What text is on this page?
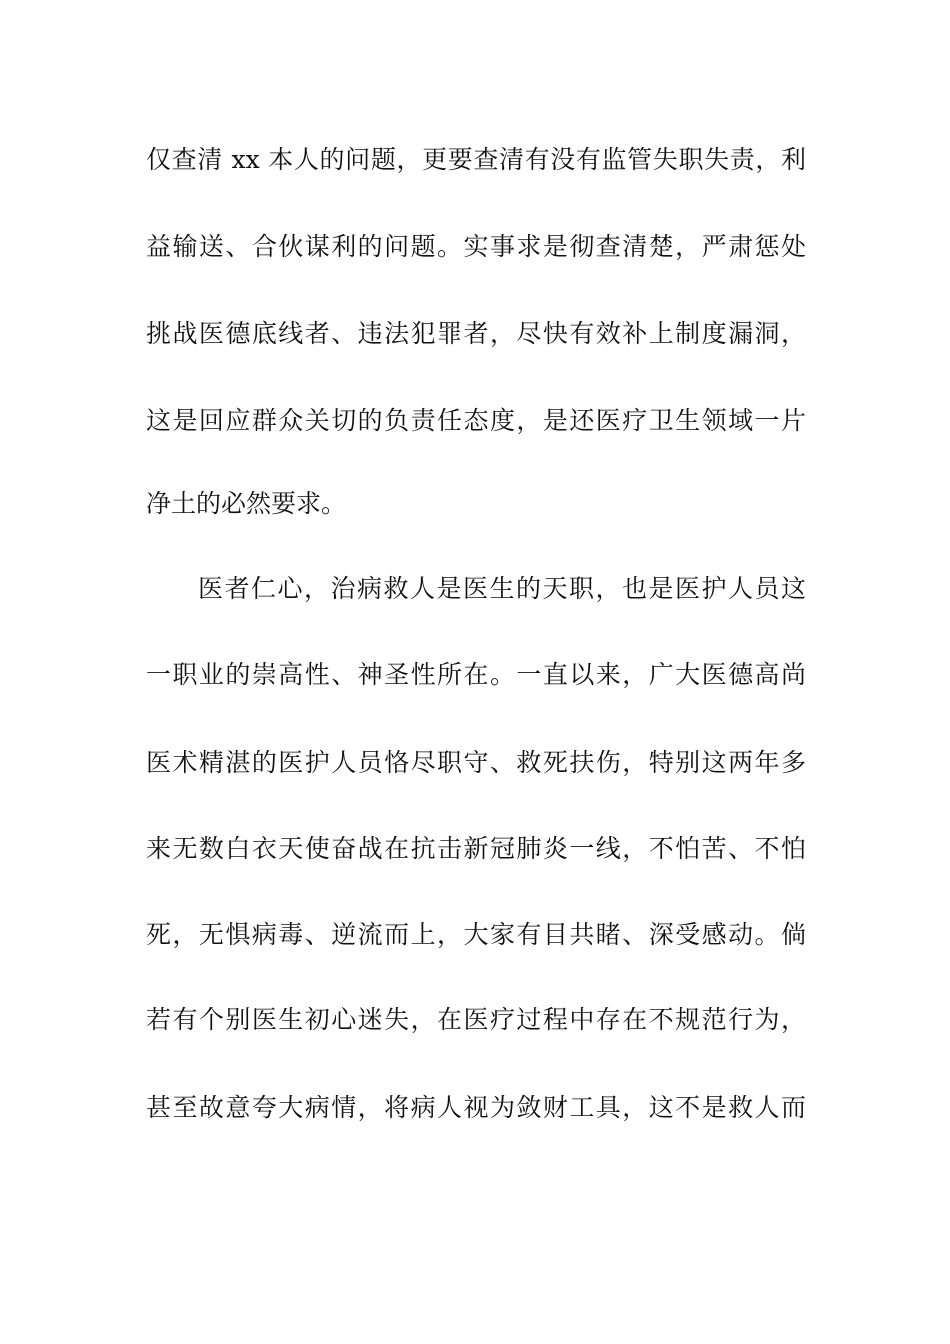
仅查清 xx 本人的问题，更要查清有没有监管失职失责，利
益输送、合伙谋利的问题。实事求是彻查清楚，严肃惩处
挑战医德底线者、违法犯罪者，尽快有效补上制度漏洞，
这是回应群众关切的负责任态度，是还医疗卫生领域一片
净土的必然要求。
医者仁心，治病救人是医生的天职，也是医护人员这
一职业的崇高性、神圣性所在。一直以来，广大医德高尚
医术精湛的医护人员恪尽职守、救死扶伤，特别这两年多
来无数白衣天使奋战在抗击新冠肺炎一线，不怕苦、不怕
死，无惧病毒、逆流而上，大家有目共睹、深受感动。倘
若有个别医生初心迷失，在医疗过程中存在不规范行为，
甚至故意夸大病情，将病人视为敛财工具，这不是救人而
